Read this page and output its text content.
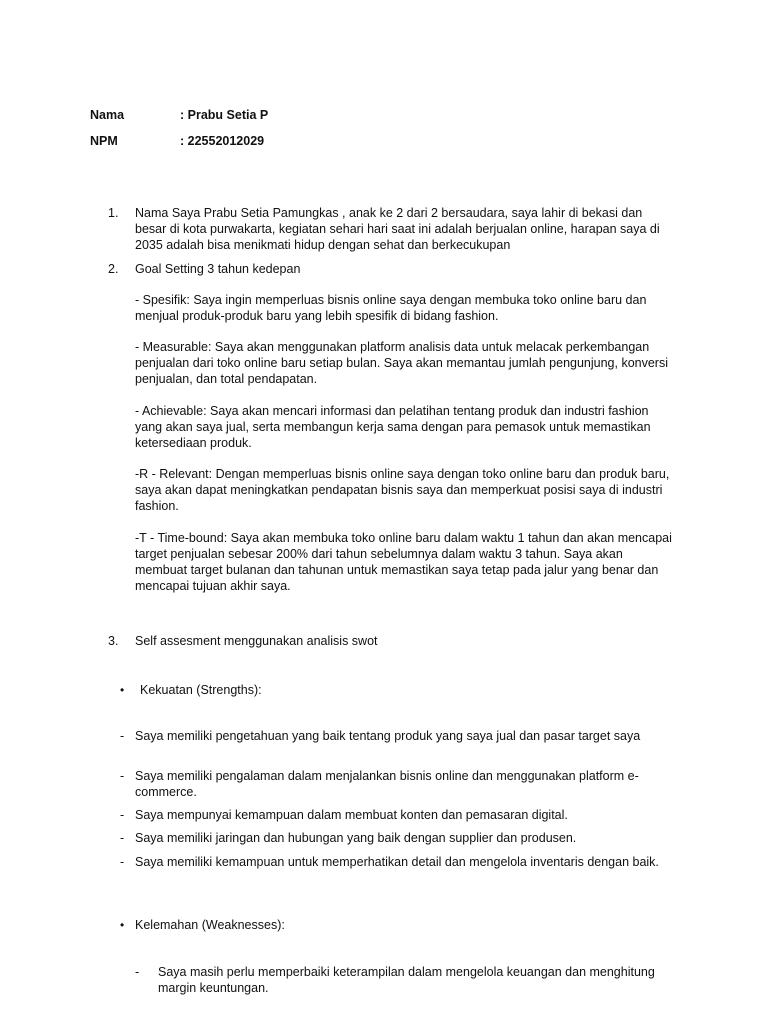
Nama	: Prabu Setia P
NPM	: 22552012029
1. Nama Saya Prabu Setia Pamungkas , anak ke 2 dari 2 bersaudara, saya lahir di bekasi dan besar di kota purwakarta, kegiatan sehari hari saat ini adalah berjualan online, harapan saya di 2035 adalah bisa menikmati hidup dengan sehat dan berkecukupan

2. Goal Setting 3 tahun kedepan

- Spesifik: Saya ingin memperluas bisnis online saya dengan membuka toko online baru dan menjual produk-produk baru yang lebih spesifik di bidang fashion.

- Measurable: Saya akan menggunakan platform analisis data untuk melacak perkembangan penjualan dari toko online baru setiap bulan. Saya akan memantau jumlah pengunjung, konversi penjualan, dan total pendapatan.

- Achievable: Saya akan mencari informasi dan pelatihan tentang produk dan industri fashion yang akan saya jual, serta membangun kerja sama dengan para pemasok untuk memastikan ketersediaan produk.

-R - Relevant: Dengan memperluas bisnis online saya dengan toko online baru dan produk baru, saya akan dapat meningkatkan pendapatan bisnis saya dan memperkuat posisi saya di industri fashion.

-T - Time-bound: Saya akan membuka toko online baru dalam waktu 1 tahun dan akan mencapai target penjualan sebesar 200% dari tahun sebelumnya dalam waktu 3 tahun. Saya akan membuat target bulanan dan tahunan untuk memastikan saya tetap pada jalur yang benar dan mencapai tujuan akhir saya.

3. Self assesment menggunakan analisis swot

• Kekuatan (Strengths):

- Saya memiliki pengetahuan yang baik tentang produk yang saya jual dan pasar target saya

- Saya memiliki pengalaman dalam menjalankan bisnis online dan menggunakan platform e-commerce.

- Saya mempunyai kemampuan dalam membuat konten dan pemasaran digital.

- Saya memiliki jaringan dan hubungan yang baik dengan supplier dan produsen.

- Saya memiliki kemampuan untuk memperhatikan detail dan mengelola inventaris dengan baik.

• Kelemahan (Weaknesses):

- Saya masih perlu memperbaiki keterampilan dalam mengelola keuangan dan menghitung margin keuntungan.
